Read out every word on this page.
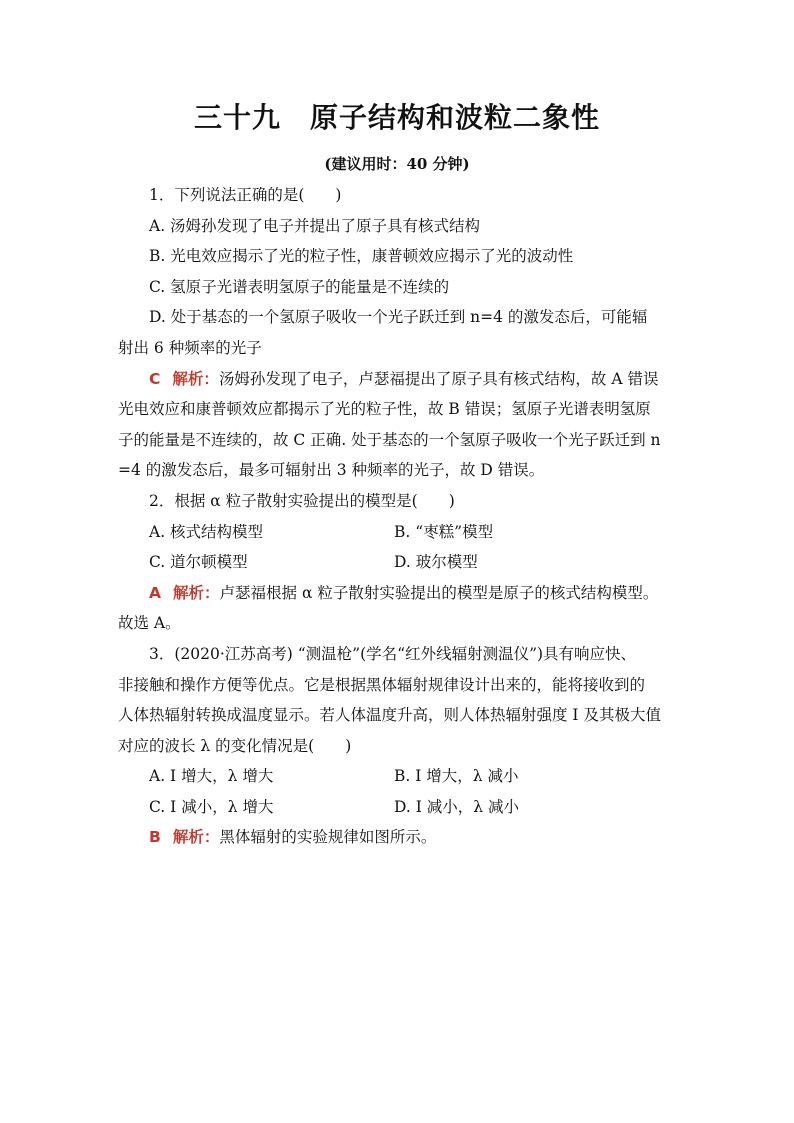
三十九　原子结构和波粒二象性
(建议用时：40 分钟)

1．下列说法正确的是(　　)

A. 汤姆孙发现了电子并提出了原子具有核式结构

B. 光电效应揭示了光的粒子性，康普顿效应揭示了光的波动性

C. 氢原子光谱表明氢原子的能量是不连续的

D. 处于基态的一个氢原子吸收一个光子跃迁到 n=4 的激发态后，可能辐

射出 6 种频率的光子

C 解析：汤姆孙发现了电子，卢瑟福提出了原子具有核式结构，故 A 错误

光电效应和康普顿效应都揭示了光的粒子性，故 B 错误；氢原子光谱表明氢原

子的能量是不连续的，故 C 正确. 处于基态的一个氢原子吸收一个光子跃迁到 n

=4 的激发态后，最多可辐射出 3 种频率的光子，故 D 错误。

2．根据 α 粒子散射实验提出的模型是(　　)

A. 核式结构模型	B. “枣糕”模型
C. 道尔顿模型	D. 玻尔模型

A 解析：卢瑟福根据 α 粒子散射实验提出的模型是原子的核式结构模型。

故选 A。

3．(2020·江苏高考) “测温枪”(学名“红外线辐射测温仪”)具有响应快、

非接触和操作方便等优点。它是根据黑体辐射规律设计出来的，能将接收到的

人体热辐射转换成温度显示。若人体温度升高，则人体热辐射强度 I 及其极大值

对应的波长 λ 的变化情况是(　　)

A. I 增大，λ 增大	B. I 增大，λ 减小
C. I 减小，λ 增大	D. I 减小，λ 减小

B 解析：黑体辐射的实验规律如图所示。
